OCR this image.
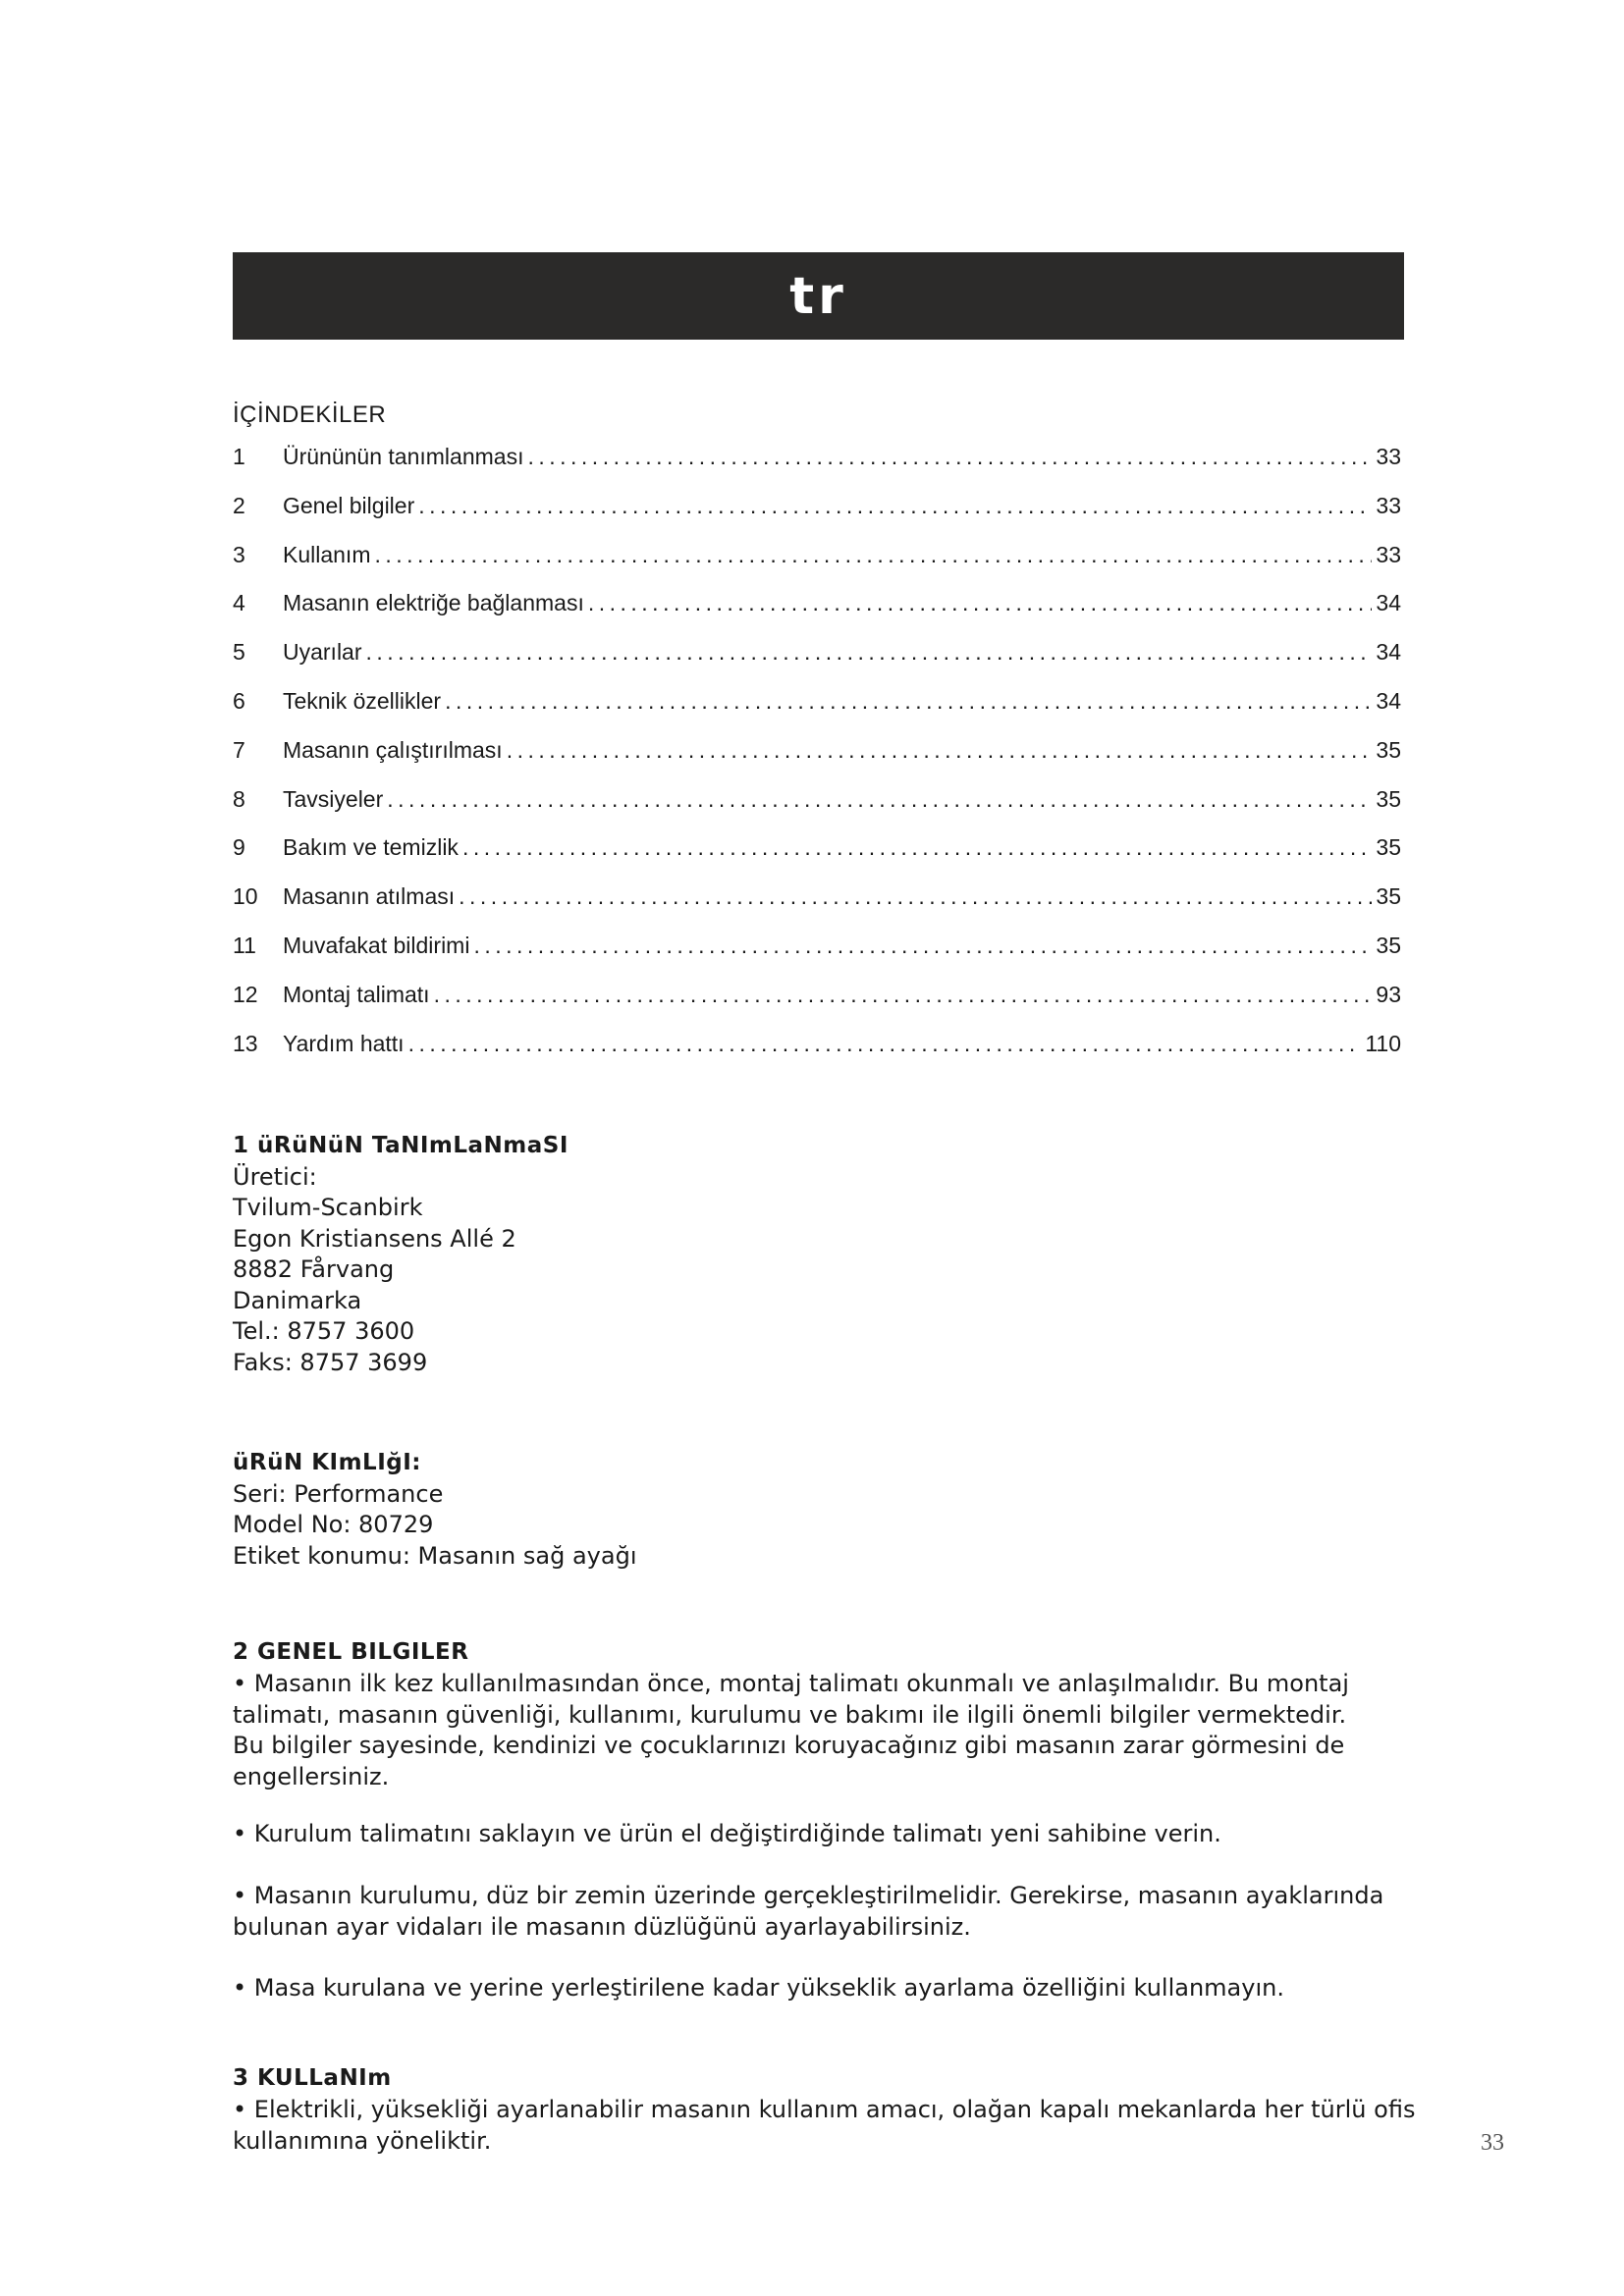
tr
İÇİNDEKİLER
1	Ürününün tanımlanması .....	33
2	Genel bilgiler .....	33
3	Kullanım .....	33
4	Masanın elektriğe bağlanması .....	34
5	Uyarılar .....	34
6	Teknik özellikler .....	34
7	Masanın çalıştırılması .....	35
8	Tavsiyeler .....	35
9	Bakım ve temizlik .....	35
10	Masanın atılması .....	35
11	Muvafakat bildirimi .....	35
12	Montaj talimatı .....	93
13	Yardım hattı .....	110
1 üRüNüN TaNImLaNmaSI
Üretici:
Tvilum-Scanbirk
Egon Kristiansens Allé 2
8882 Fårvang
Danimarka
Tel.: 8757 3600
Faks: 8757 3699
üRüN KImLIğI:
Seri: Performance
Model No: 80729
Etiket konumu: Masanın sağ ayağı
2 GENEL BILGILER
• Masanın ilk kez kullanılmasından önce, montaj talimatı okunmalı ve anlaşılmalıdır. Bu montaj
talimatı, masanın güvenliği, kullanımı, kurulumu ve bakımı ile ilgili önemli bilgiler vermektedir.
Bu bilgiler sayesinde, kendinizi ve çocuklarınızı koruyacağınız gibi masanın zarar görmesini de
engellersiniz.
• Kurulum talimatını saklayın ve ürün el değiştirdiğinde talimatı yeni sahibine verin.
• Masanın kurulumu, düz bir zemin üzerinde gerçekleştirilmelidir. Gerekirse, masanın ayaklarında
bulunan ayar vidaları ile masanın düzlüğünü ayarlayabilirsiniz.
• Masa kurulana ve yerine yerleştirilene kadar yükseklik ayarlama özelliğini kullanmayın.
3 KULLaNIm
• Elektrikli, yüksekliği ayarlanabilir masanın kullanım amacı, olağan kapalı mekanlarda her türlü ofis
kullanımına yöneliktir.	33
